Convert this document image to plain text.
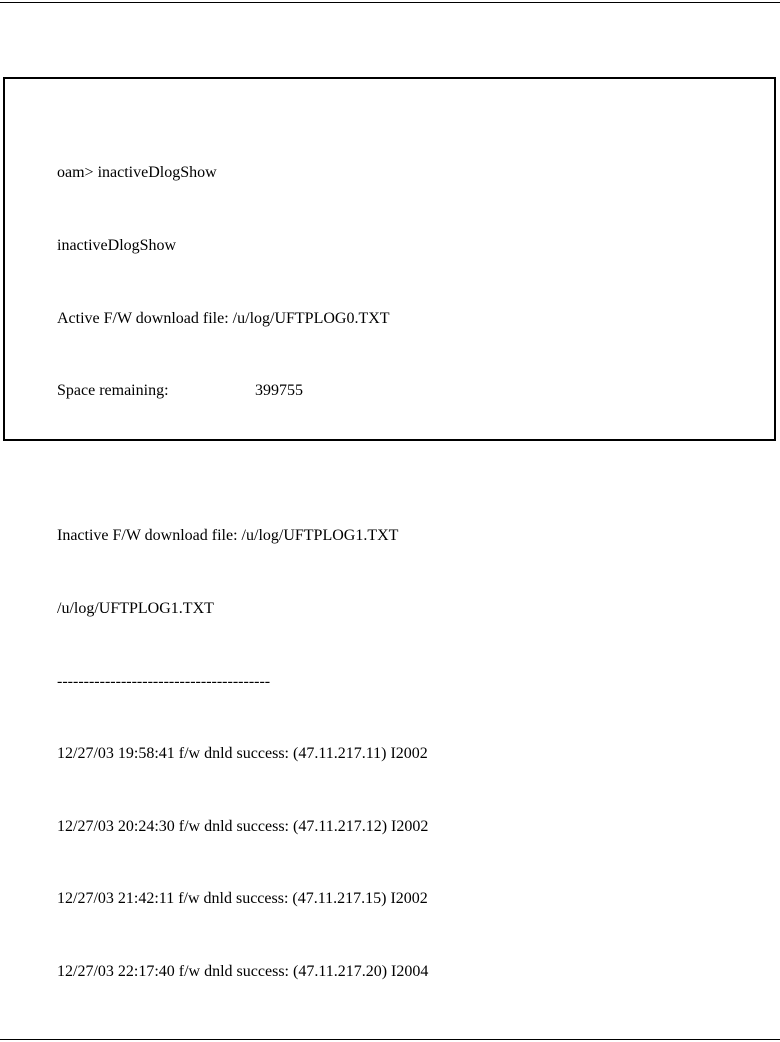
oam> inactiveDlogShow

inactiveDlogShow

Active F/W download file: /u/log/UFTPLOG0.TXT

Space remaining:	399755

Inactive F/W download file: /u/log/UFTPLOG1.TXT

/u/log/UFTPLOG1.TXT

----------------------------------------

12/27/03 19:58:41 f/w dnld success: (47.11.217.11) I2002

12/27/03 20:24:30 f/w dnld success: (47.11.217.12) I2002

12/27/03 21:42:11 f/w dnld success: (47.11.217.15) I2002

12/27/03 22:17:40 f/w dnld success: (47.11.217.20) I2004
